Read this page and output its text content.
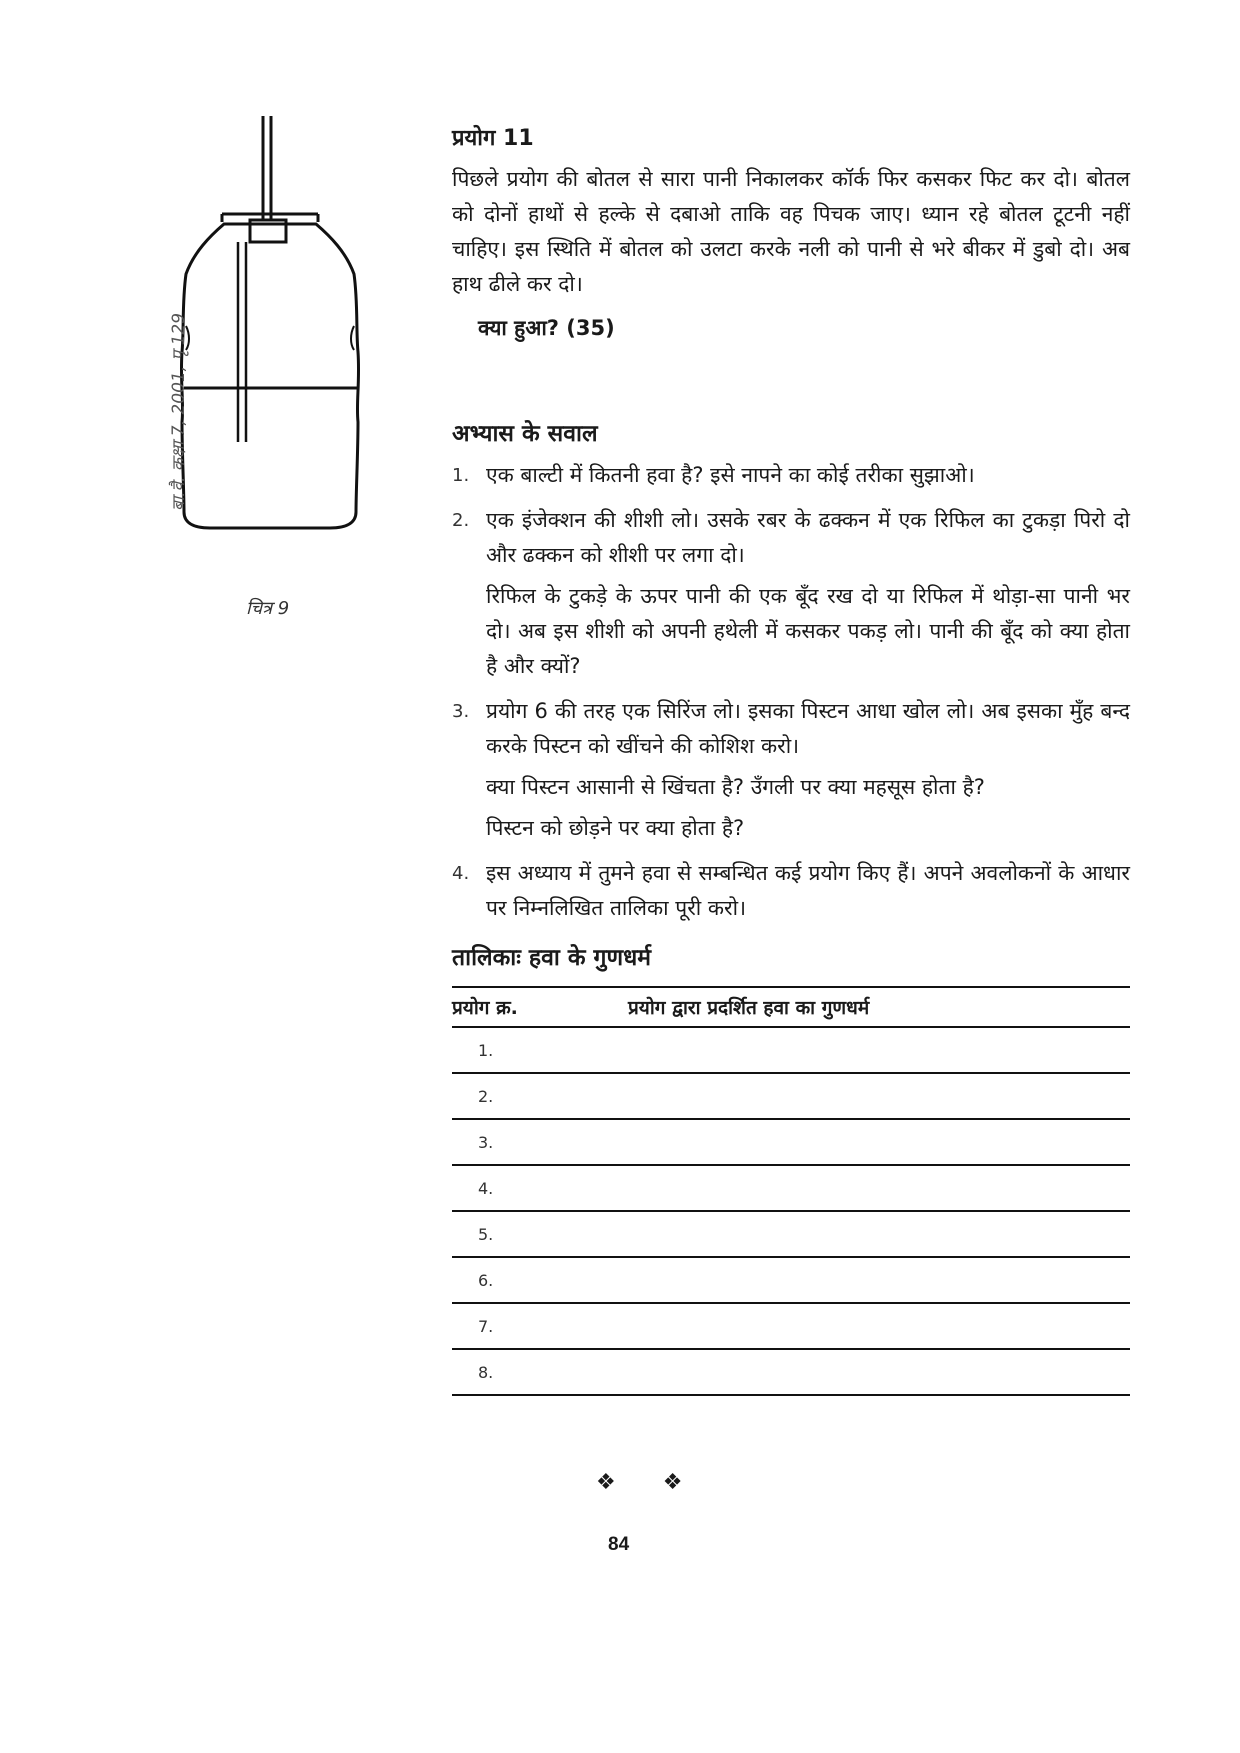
चित्र 9
बा.वै. कक्षा 7, 2001, पृ 129
प्रयोग 11

पिछले प्रयोग की बोतल से सारा पानी निकालकर कॉर्क फिर कसकर फिट कर दो। बोतल को दोनों हाथों से हल्के से दबाओ ताकि वह पिचक जाए। ध्यान रहे बोतल टूटनी नहीं चाहिए। इस स्थिति में बोतल को उलटा करके नली को पानी से भरे बीकर में डुबो दो। अब हाथ ढीले कर दो।

क्या हुआ? (35)
अभ्यास के सवाल
1. एक बाल्टी में कितनी हवा है? इसे नापने का कोई तरीका सुझाओ।

2. एक इंजेक्शन की शीशी लो। उसके रबर के ढक्कन में एक रिफिल का टुकड़ा पिरो दो और ढक्कन को शीशी पर लगा दो।

रिफिल के टुकड़े के ऊपर पानी की एक बूँद रख दो या रिफिल में थोड़ा-सा पानी भर दो। अब इस शीशी को अपनी हथेली में कसकर पकड़ लो। पानी की बूँद को क्या होता है और क्यों?

3. प्रयोग 6 की तरह एक सिरिंज लो। इसका पिस्टन आधा खोल लो। अब इसका मुँह बन्द करके पिस्टन को खींचने की कोशिश करो।

क्या पिस्टन आसानी से खिंचता है? उँगली पर क्या महसूस होता है?

पिस्टन को छोड़ने पर क्या होता है?

4. इस अध्याय में तुमने हवा से सम्बन्धित कई प्रयोग किए हैं। अपने अवलोकनों के आधार पर निम्नलिखित तालिका पूरी करो।

तालिकाः हवा के गुणधर्म
प्रयोग क्र.	प्रयोग द्वारा प्रदर्शित हवा का गुणधर्म
1.	
2.	
3.	
4.	
5.	
6.	
7.	
8.	
❖ ❖
84
